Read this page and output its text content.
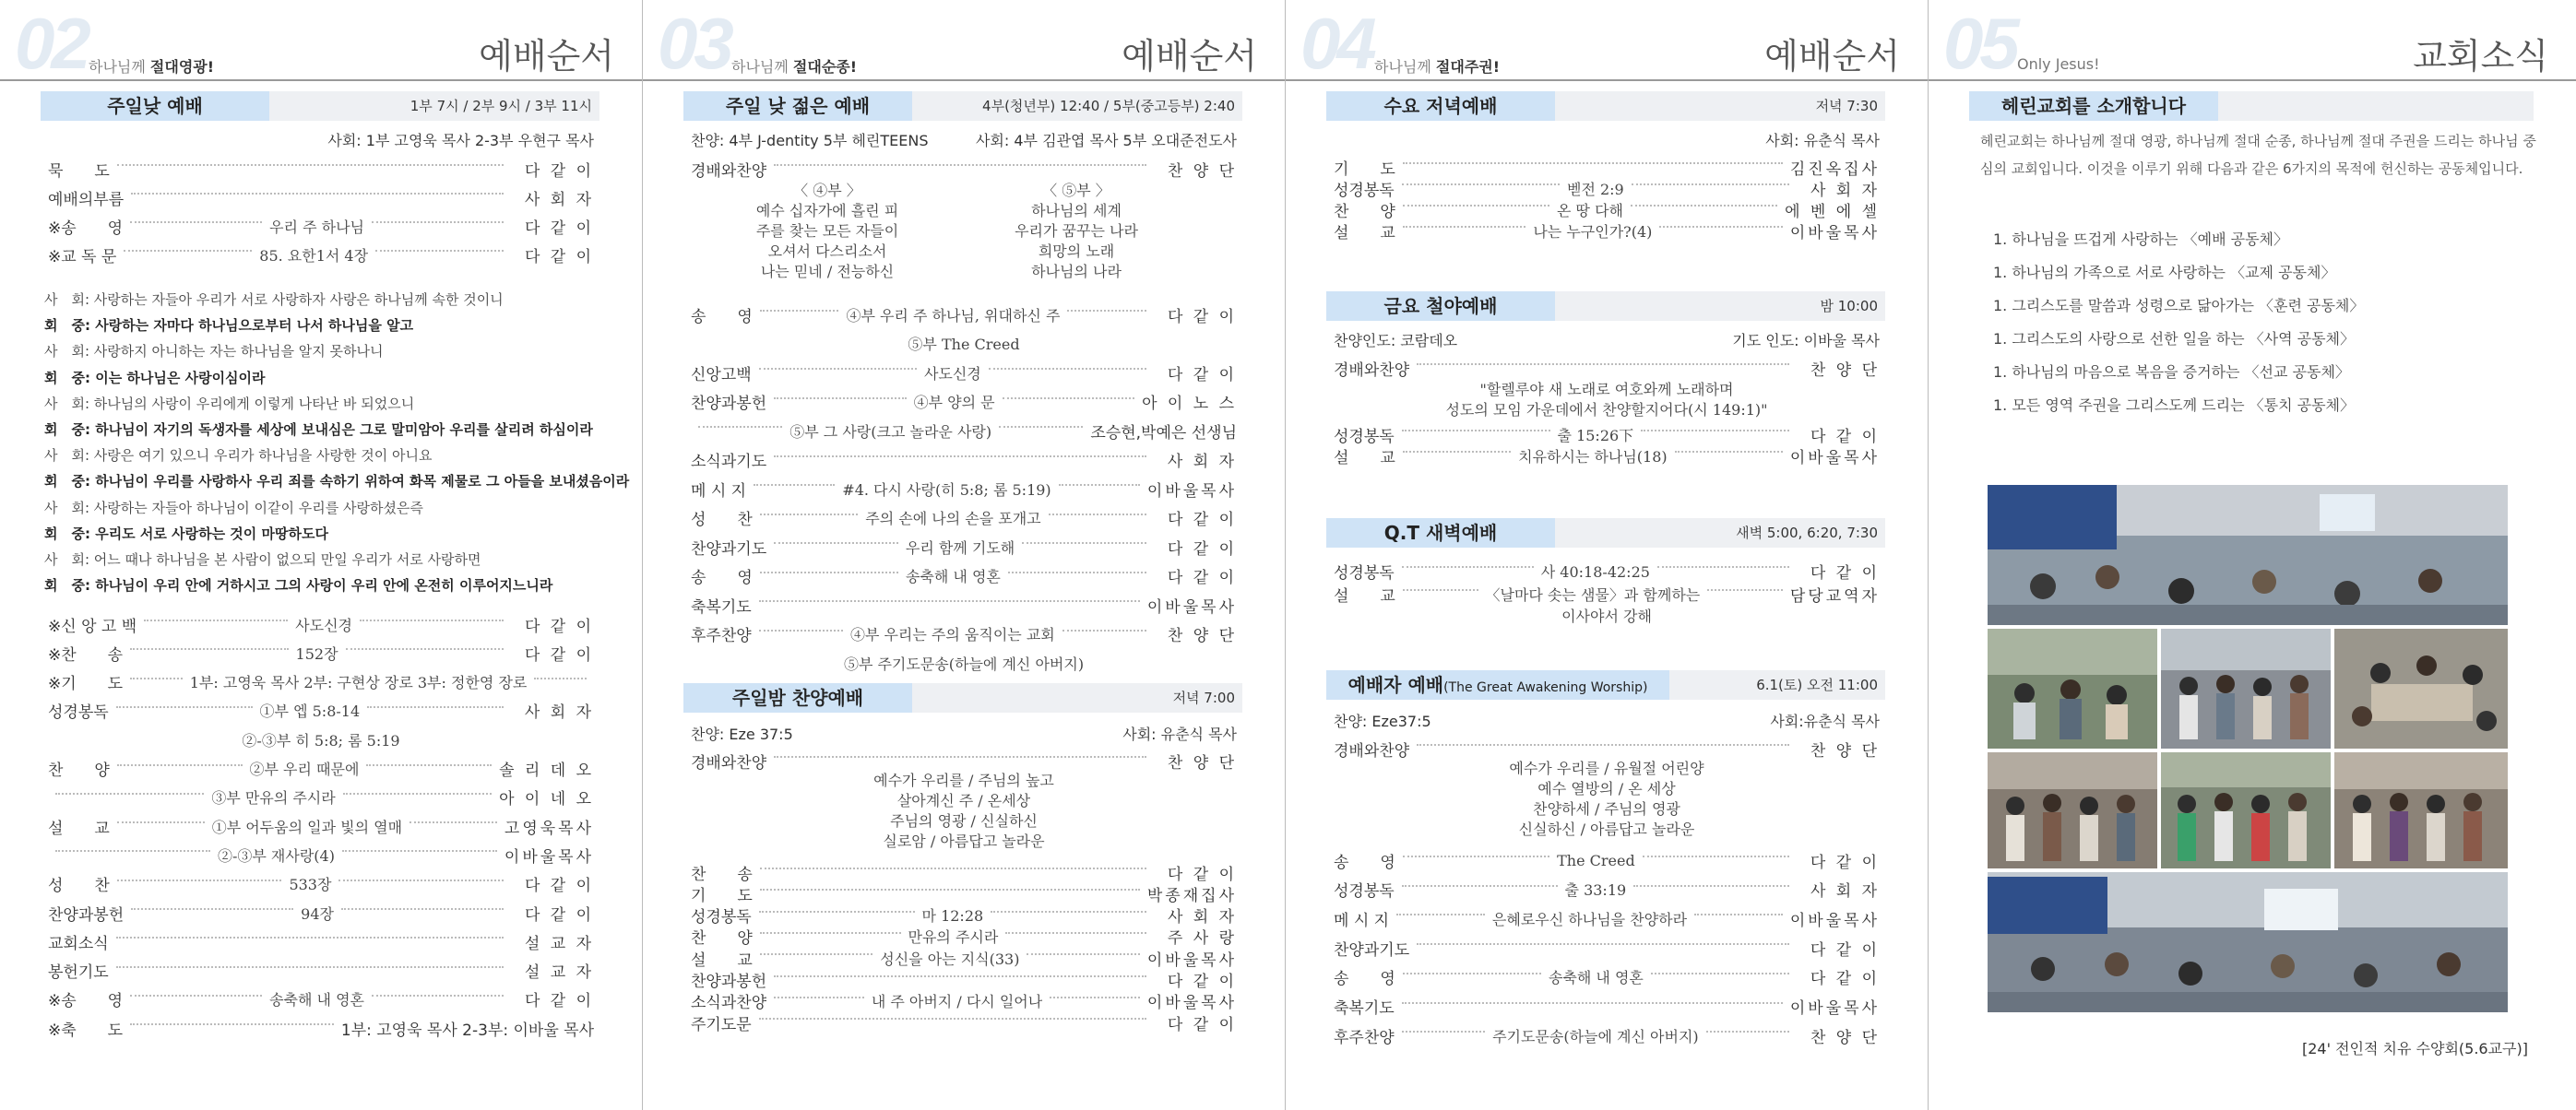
02 하나님께 절대영광!	예배순서
주일낮 예배	1부 7시 / 2부 9시 / 3부 11시
사회: 1부 고영욱 목사 2-3부 우현구 목사
묵　　도	다 같 이
예배의부름	사 회 자
※송　　영	우리 주 하나님	다 같 이
※교 독 문	85. 요한1서 4장	다 같 이
사　회: 사랑하는 자들아 우리가 서로 사랑하자 사랑은 하나님께 속한 것이니
회　중: 사랑하는 자마다 하나님으로부터 나서 하나님을 알고
사　회: 사랑하지 아니하는 자는 하나님을 알지 못하나니
회　중: 이는 하나님은 사랑이심이라
사　회: 하나님의 사랑이 우리에게 이렇게 나타난 바 되었으니
회　중: 하나님이 자기의 독생자를 세상에 보내심은 그로 말미암아 우리를 살리려 하심이라
사　회: 사랑은 여기 있으니 우리가 하나님을 사랑한 것이 아니요
회　중: 하나님이 우리를 사랑하사 우리 죄를 속하기 위하여 화목 제물로 그 아들을 보내셨음이라
사　회: 사랑하는 자들아 하나님이 이같이 우리를 사랑하셨은즉
회　중: 우리도 서로 사랑하는 것이 마땅하도다
사　회: 어느 때나 하나님을 본 사람이 없으되 만일 우리가 서로 사랑하면
회　중: 하나님이 우리 안에 거하시고 그의 사랑이 우리 안에 온전히 이루어지느니라
※신 앙 고 백	사도신경	다 같 이
※찬　　송	152장	다 같 이
※기　　도	1부: 고영욱 목사 2부: 구현상 장로 3부: 정한영 장로
성경봉독	①부 엡 5:8-14	사 회 자
②-③부 히 5:8; 롬 5:19
찬　　양	②부 우리 때문에	솔 리 데 오
③부 만유의 주시라	아 이 네 오
설　　교	①부 어두움의 일과 빛의 열매	고영욱목사
②-③부 재사랑(4)	이바울목사
성　　찬	533장	다 같 이
찬양과봉헌	94장	다 같 이
교회소식	설 교 자
봉헌기도	설 교 자
※송　　영	송축해 내 영혼	다 같 이
※축　　도	1부: 고영욱 목사 2-3부: 이바울 목사
03 하나님께 절대순종!	예배순서
주일 낮 젊은 예배	4부(청년부) 12:40 / 5부(중고등부) 2:40
찬양: 4부 J-dentity 5부 헤린TEENS	사회: 4부 김관엽 목사 5부 오대준전도사
경배와찬양	찬 양 단
〈 ④부 〉
예수 십자가에 흘린 피
주를 찾는 모든 자들이
오셔서 다스리소서
나는 믿네 / 전능하신
〈 ⑤부 〉
하나님의 세계
우리가 꿈꾸는 나라
희망의 노래
하나님의 나라
송　　영	④부 우리 주 하나님, 위대하신 주	다 같 이
⑤부 The Creed
신앙고백	사도신경	다 같 이
찬양과봉헌	④부 양의 문	아 이 노 스
⑤부 그 사랑(크고 놀라운 사랑)	조승현,박예은 선생님
소식과기도	사 회 자
메 시 지	#4. 다시 사랑(히 5:8; 롬 5:19)	이바울목사
성　　찬	주의 손에 나의 손을 포개고	다 같 이
찬양과기도	우리 함께 기도해	다 같 이
송　　영	송축해 내 영혼	다 같 이
축복기도	이바울목사
후주찬양	④부 우리는 주의 움직이는 교회	찬 양 단
⑤부 주기도문송(하늘에 계신 아버지)
주일밤 찬양예배	저녁 7:00
찬양: Eze 37:5	사회: 유춘식 목사
경배와찬양	찬 양 단
예수가 우리를 / 주님의 높고
살아계신 주 / 온세상
주님의 영광 / 신실하신
실로암 / 아름답고 놀라운
찬　　송	다 같 이
기　　도	박종재집사
성경봉독	마 12:28	사 회 자
찬　　양	만유의 주시라	주 사 랑
설　　교	성신을 아는 지식(33)	이바울목사
찬양과봉헌	다 같 이
소식과찬양	내 주 아버지 / 다시 일어나	이바울목사
주기도문	다 같 이
04 하나님께 절대주권!	예배순서
수요 저녁예배	저녁 7:30
사회: 유춘식 목사
기　　도	김진옥집사
성경봉독	벧전 2:9	사 회 자
찬　　양	온 땅 다해	에 벤 에 셀
설　　교	나는 누구인가?(4)	이바울목사
금요 철야예배	밤 10:00
찬양인도: 코람데오	기도 인도: 이바울 목사
경배와찬양	찬 양 단
"할렐루야 새 노래로 여호와께 노래하며
성도의 모임 가운데에서 찬양할지어다(시 149:1)"
성경봉독	출 15:26下	다 같 이
설　　교	치유하시는 하나님(18)	이바울목사
Q.T 새벽예배	새벽 5:00, 6:20, 7:30
성경봉독	사 40:18-42:25	다 같 이
설　　교	〈날마다 솟는 샘물〉과 함께하는	담당교역자
이사야서 강해
예배자 예배(The Great Awakening Worship)	6.1(토) 오전 11:00
찬양: Eze37:5	사회:유춘식 목사
경배와찬양	찬 양 단
예수가 우리를 / 유월절 어린양
예수 열방의 / 온 세상
찬양하세 / 주님의 영광
신실하신 / 아름답고 놀라운
송　　영	The Creed	다 같 이
성경봉독	출 33:19	사 회 자
메 시 지	은혜로우신 하나님을 찬양하라	이바울목사
찬양과기도	다 같 이
송　　영	송축해 내 영혼	다 같 이
축복기도	이바울목사
후주찬양	주기도문송(하늘에 계신 아버지)	찬 양 단
05 Only Jesus!	교회소식
헤린교회를 소개합니다
헤린교회는 하나님께 절대 영광, 하나님께 절대 순종, 하나님께 절대 주권을 드리는 하나님 중심의 교회입니다. 이것을 이루기 위해 다음과 같은 6가지의 목적에 헌신하는 공동체입니다.
1. 하나님을 뜨겁게 사랑하는 〈예배 공동체〉
1. 하나님의 가족으로 서로 사랑하는 〈교제 공동체〉
1. 그리스도를 말씀과 성령으로 닮아가는 〈훈련 공동체〉
1. 그리스도의 사랑으로 선한 일을 하는 〈사역 공동체〉
1. 하나님의 마음으로 복음을 증거하는 〈선교 공동체〉
1. 모든 영역 주권을 그리스도께 드리는 〈통치 공동체〉
[24' 전인적 치유 수양회(5.6교구)]
